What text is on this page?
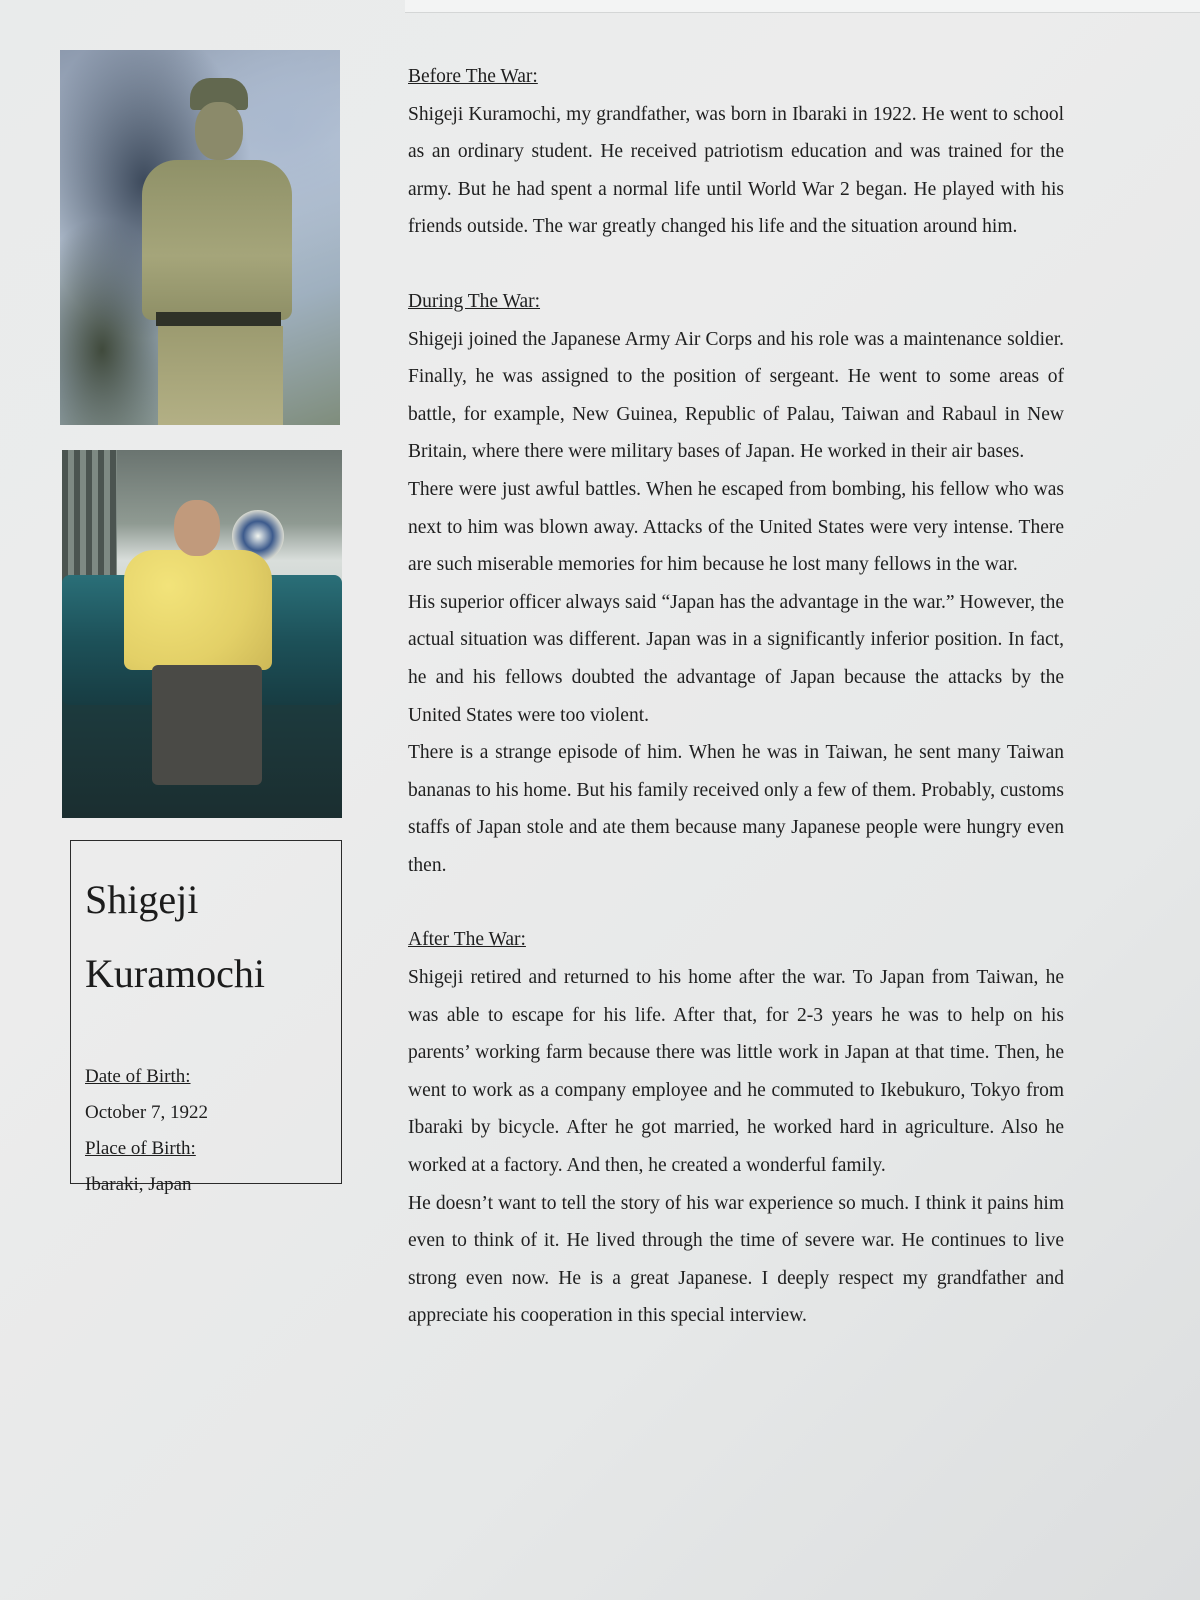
Shigeji

Kuramochi

Date of Birth:
October 7, 1922
Place of Birth:
Ibaraki, Japan
Before The War:

Shigeji Kuramochi, my grandfather, was born in Ibaraki in 1922. He went to school as an ordinary student. He received patriotism education and was trained for the army. But he had spent a normal life until World War 2 began. He played with his friends outside. The war greatly changed his life and the situation around him.

During The War:

Shigeji joined the Japanese Army Air Corps and his role was a maintenance soldier. Finally, he was assigned to the position of sergeant. He went to some areas of battle, for example, New Guinea, Republic of Palau, Taiwan and Rabaul in New Britain, where there were military bases of Japan. He worked in their air bases.

There were just awful battles. When he escaped from bombing, his fellow who was next to him was blown away. Attacks of the United States were very intense. There are such miserable memories for him because he lost many fellows in the war.

His superior officer always said “Japan has the advantage in the war.” However, the actual situation was different. Japan was in a significantly inferior position. In fact, he and his fellows doubted the advantage of Japan because the attacks by the United States were too violent.

There is a strange episode of him. When he was in Taiwan, he sent many Taiwan bananas to his home. But his family received only a few of them. Probably, customs staffs of Japan stole and ate them because many Japanese people were hungry even then.

After The War:

Shigeji retired and returned to his home after the war. To Japan from Taiwan, he was able to escape for his life. After that, for 2-3 years he was to help on his parents’ working farm because there was little work in Japan at that time. Then, he went to work as a company employee and he commuted to Ikebukuro, Tokyo from Ibaraki by bicycle. After he got married, he worked hard in agriculture. Also he worked at a factory. And then, he created a wonderful family.

He doesn’t want to tell the story of his war experience so much. I think it pains him even to think of it. He lived through the time of severe war. He continues to live strong even now. He is a great Japanese. I deeply respect my grandfather and appreciate his cooperation in this special interview.
